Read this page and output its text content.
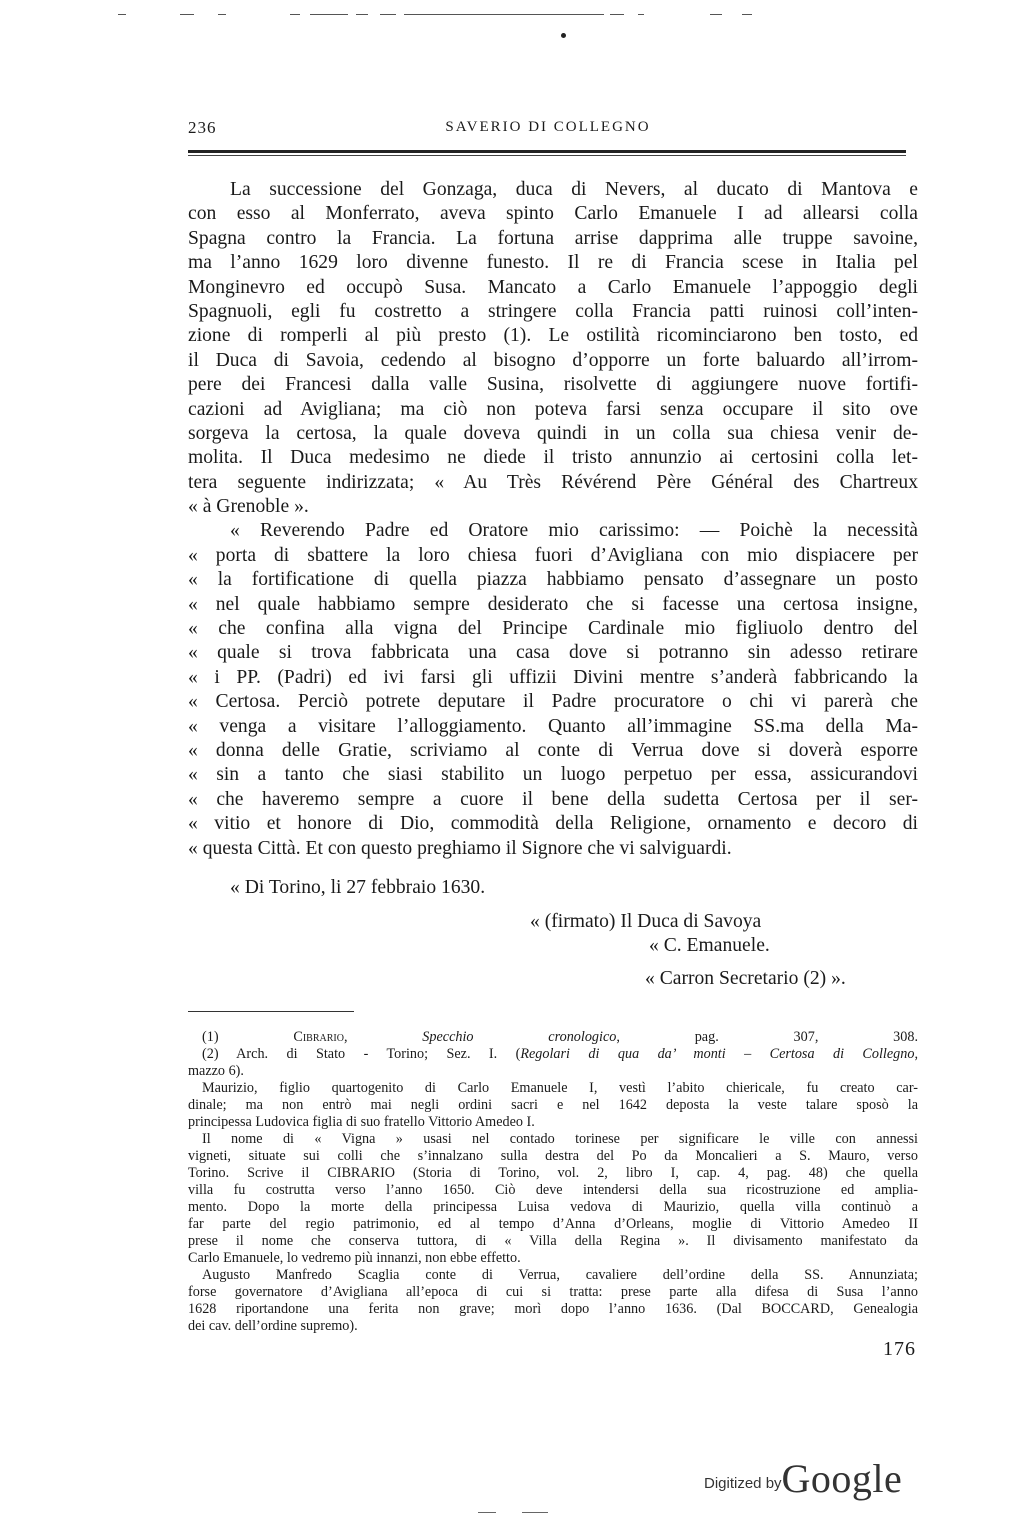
236	SAVERIO DI COLLEGNO
La successione del Gonzaga, duca di Nevers, al ducato di Mantova e
con esso al Monferrato, aveva spinto Carlo Emanuele I ad allearsi colla
Spagna contro la Francia. La fortuna arrise dapprima alle truppe savoine,
ma l’anno 1629 loro divenne funesto. Il re di Francia scese in Italia pel
Monginevro ed occupò Susa. Mancato a Carlo Emanuele l’appoggio degli
Spagnuoli, egli fu costretto a stringere colla Francia patti ruinosi coll’inten-
zione di romperli al più presto (1). Le ostilità ricominciarono ben tosto, ed
il Duca di Savoia, cedendo al bisogno d’opporre un forte baluardo all’irrom-
pere dei Francesi dalla valle Susina, risolvette di aggiungere nuove fortifi-
cazioni ad Avigliana; ma ciò non poteva farsi senza occupare il sito ove
sorgeva la certosa, la quale doveva quindi in un colla sua chiesa venir de-
molita. Il Duca medesimo ne diede il tristo annunzio ai certosini colla let-
tera seguente indirizzata; « Au Très Révérend Père Général des Chartreux
« à Grenoble ».
« Reverendo Padre ed Oratore mio carissimo: — Poichè la necessità
« porta di sbattere la loro chiesa fuori d’Avigliana con mio dispiacere per
« la fortificatione di quella piazza habbiamo pensato d’assegnare un posto
« nel quale habbiamo sempre desiderato che si facesse una certosa insigne,
« che confina alla vigna del Principe Cardinale mio figliuolo dentro del
« quale si trova fabbricata una casa dove si potranno sin adesso retirare
« i PP. (Padri) ed ivi farsi gli uffizii Divini mentre s’anderà fabbricando la
« Certosa. Perciò potrete deputare il Padre procuratore o chi vi parerà che
« venga a visitare l’alloggiamento. Quanto all’immagine SS.ma della Ma-
« donna delle Gratie, scriviamo al conte di Verrua dove si doverà esporre
« sin a tanto che siasi stabilito un luogo perpetuo per essa, assicurandovi
« che haveremo sempre a cuore il bene della sudetta Certosa per il ser-
« vitio et honore di Dio, commodità della Religione, ornamento e decoro di
« questa Città. Et con questo preghiamo il Signore che vi salviguardi.
« Di Torino, li 27 febbraio 1630.
« (firmato) Il Duca di Savoya
« C. Emanuele.
« Carron Secretario (2) ».
(1) Cibrario, Specchio cronologico, pag. 307, 308.
(2) Arch. di Stato - Torino; Sez. I. (Regolari di qua da’ monti – Certosa di Collegno,
mazzo 6).
Maurizio, figlio quartogenito di Carlo Emanuele I, vestì l’abito chiericale, fu creato car-
dinale; ma non entrò mai negli ordini sacri e nel 1642 deposta la veste talare sposò la
principessa Ludovica figlia di suo fratello Vittorio Amedeo I.
Il nome di « Vigna » usasi nel contado torinese per significare le ville con annessi
vigneti, situate sui colli che s’innalzano sulla destra del Po da Moncalieri a S. Mauro, verso
Torino. Scrive il CIBRARIO (Storia di Torino, vol. 2, libro I, cap. 4, pag. 48) che quella
villa fu costrutta verso l’anno 1650. Ciò deve intendersi della sua ricostruzione ed amplia-
mento. Dopo la morte della principessa Luisa vedova di Maurizio, quella villa continuò a
far parte del regio patrimonio, ed al tempo d’Anna d’Orleans, moglie di Vittorio Amedeo II
prese il nome che conserva tuttora, di « Villa della Regina ». Il divisamento manifestato da
Carlo Emanuele, lo vedremo più innanzi, non ebbe effetto.
Augusto Manfredo Scaglia conte di Verrua, cavaliere dell’ordine della SS. Annunziata;
forse governatore d’Avigliana all’epoca di cui si tratta: prese parte alla difesa di Susa l’anno
1628 riportandone una ferita non grave; morì dopo l’anno 1636. (Dal BOCCARD, Genealogia
dei cav. dell’ordine supremo).
176
Digitized byGoogle
